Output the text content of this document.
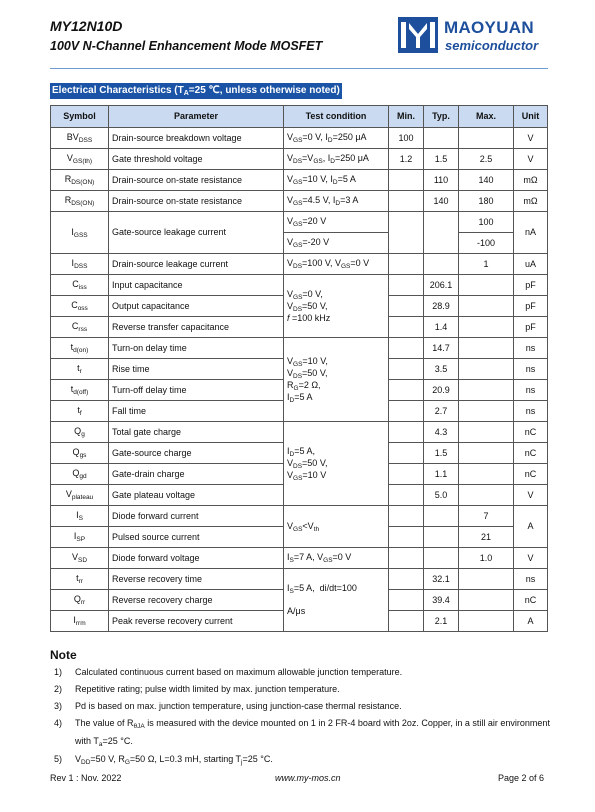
MY12N10D
100V N-Channel Enhancement Mode MOSFET
MAOYUAN
semiconductor
Electrical Characteristics ($T_A=25$ ℃, unless otherwise noted)
Symbol	Parameter	Test condition	Min.	Typ.	Max.	Unit
$BV_{DSS}$	Drain-source breakdown voltage	$V_{GS}=0$ V, $I_D=250$ μA	100			V
$V_{GS(th)}$	Gate threshold voltage	$V_{DS}=V_{GS}$, $I_D=250$ μA	1.2	1.5	2.5	V
$R_{DS(ON)}$	Drain-source on-state resistance	$V_{GS}=10$ V, $I_D=5$ A		110	140	mΩ
$R_{DS(ON)}$	Drain-source on-state resistance	$V_{GS}=4.5$ V, $I_D=3$ A		140	180	mΩ
$I_{GSS}$	Gate-source leakage current	$V_{GS}=20$ V			100	nA
		$V_{GS}=-20$ V			-100	
$I_{DSS}$	Drain-source leakage current	$V_{DS}=100$ V, $V_{GS}=0$ V			1	uA
$C_{iss}$	Input capacitance	$V_{GS}=0$ V,
$V_{DS}=50$ V,
f =100 kHz		206.1		pF
$C_{oss}$	Output capacitance			28.9		pF
$C_{rss}$	Reverse transfer capacitance			1.4		pF
$t_{d(on)}$	Turn-on delay time	$V_{GS}=10$ V,
$V_{DS}=50$ V,
$R_G=2$ Ω,
$I_D=5$ A		14.7		ns
$t_r$	Rise time			3.5		ns
$t_{d(off)}$	Turn-off delay time			20.9		ns
$t_f$	Fall time			2.7		ns
$Q_g$	Total gate charge	$I_D=5$ A,
$V_{DS}=50$ V,
$V_{GS}=10$ V		4.3		nC
$Q_{gs}$	Gate-source charge			1.5		nC
$Q_{gd}$	Gate-drain charge			1.1		nC
$V_{plateau}$	Gate plateau voltage			5.0		V
$I_S$	Diode forward current	$V_{GS}<V_{th}$			7	A
$I_{SP}$	Pulsed source current				21	
$V_{SD}$	Diode forward voltage	$I_S=7$ A, $V_{GS}=0$ V			1.0	V
$t_{rr}$	Reverse recovery time	$I_S=5$ A,  di/dt=100

A/μs		32.1		ns
$Q_{rr}$	Reverse recovery charge			39.4		nC
$I_{rrm}$	Peak reverse recovery current			2.1		A
Note
1) Calculated continuous current based on maximum allowable junction temperature.
2) Repetitive rating; pulse width limited by max. junction temperature.
3) Pd is based on max. junction temperature, using junction-case thermal resistance.
4) The value of $R_{\theta JA}$ is measured with the device mounted on 1 in 2 FR-4 board with 2oz. Copper, in a still air environment with $T_a=25$ °C.
5) $V_{DD}=50$ V, $R_G=50$ Ω, L=0.3 mH, starting $T_j=25$ °C.
Rev 1 : Nov. 2022	www.my-mos.cn	Page 2 of 6
